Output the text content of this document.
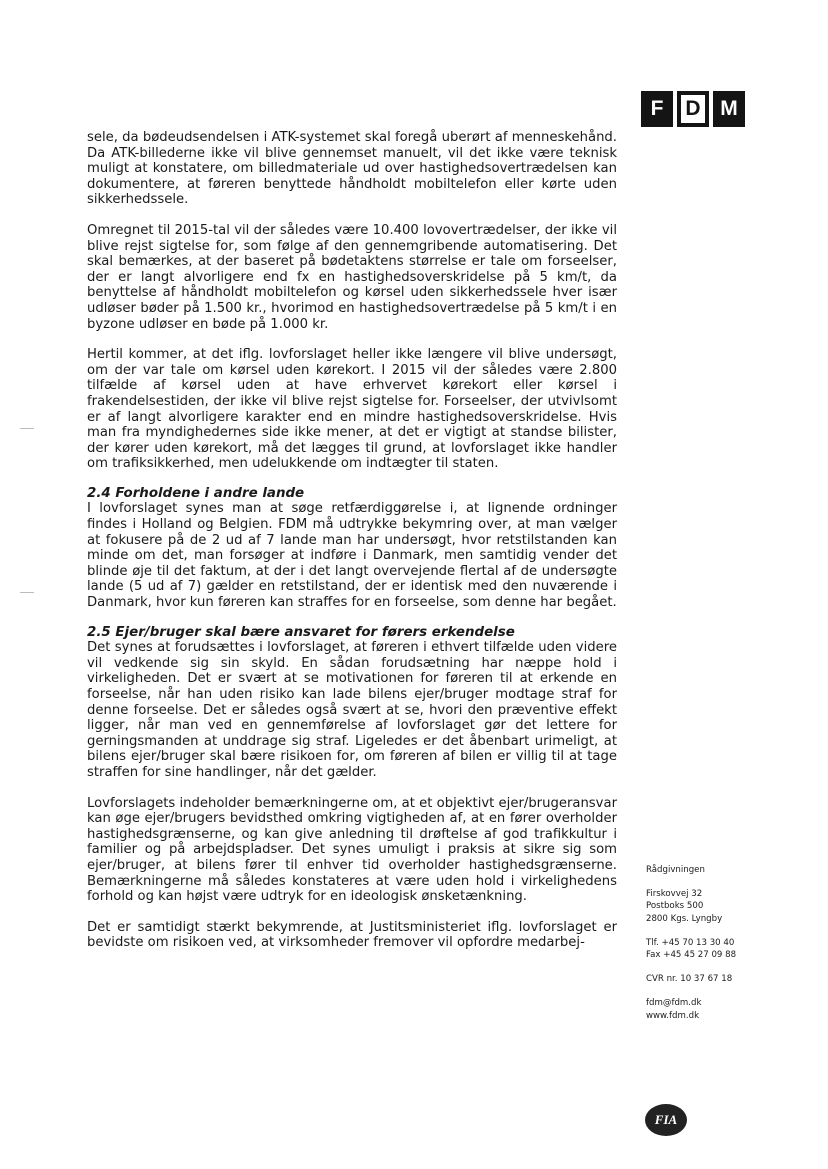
F	D M

sele, da bødeudsendelsen i ATK-systemet skal foregå uberørt af menneskehånd. Da ATK-billederne ikke vil blive gennemset manuelt, vil det ikke være teknisk muligt at konstatere, om billedmateriale ud over hastighedsovertrædelsen kan dokumentere, at føreren benyttede håndholdt mobiltelefon eller kørte uden sikkerhedssele.

Omregnet til 2015-tal vil der således være 10.400 lovovertrædelser, der ikke vil blive rejst sigtelse for, som følge af den gennemgribende automatisering. Det skal bemærkes, at der baseret på bødetaktens størrelse er tale om forseelser, der er langt alvorligere end fx en hastighedsoverskridelse på 5 km/t, da benyttelse af håndholdt mobiltelefon og kørsel uden sikkerhedssele hver især udløser bøder på 1.500 kr., hvorimod en hastighedsovertrædelse på 5 km/t i en byzone udløser en bøde på 1.000 kr.

Hertil kommer, at det iflg. lovforslaget heller ikke længere vil blive undersøgt, om der var tale om kørsel uden kørekort. I 2015 vil der således være 2.800 tilfælde af kørsel uden at have erhvervet kørekort eller kørsel i frakendelsestiden, der ikke vil blive rejst sigtelse for. Forseelser, der utvivlsomt er af langt alvorligere karakter end en mindre hastighedsoverskridelse. Hvis man fra myndighedernes side ikke mener, at det er vigtigt at standse bilister, der kører uden kørekort, må det lægges til grund, at lovforslaget ikke handler om trafiksikkerhed, men udelukkende om indtægter til staten.

2.4 Forholdene i andre lande

I lovforslaget synes man at søge retfærdiggørelse i, at lignende ordninger findes i Holland og Belgien. FDM må udtrykke bekymring over, at man vælger at fokusere på de 2 ud af 7 lande man har undersøgt, hvor retstilstanden kan minde om det, man forsøger at indføre i Danmark, men samtidig vender det blinde øje til det faktum, at der i det langt overvejende flertal af de undersøgte lande (5 ud af 7) gælder en retstilstand, der er identisk med den nuværende i Danmark, hvor kun føreren kan straffes for en forseelse, som denne har begået.

2.5 Ejer/bruger skal bære ansvaret for førers erkendelse

Det synes at forudsættes i lovforslaget, at føreren i ethvert tilfælde uden videre vil vedkende sig sin skyld. En sådan forudsætning har næppe hold i virkeligheden. Det er svært at se motivationen for føreren til at erkende en forseelse, når han uden risiko kan lade bilens ejer/bruger modtage straf for denne forseelse. Det er således også svært at se, hvori den præventive effekt ligger, når man ved en gennemførelse af lovforslaget gør det lettere for gerningsmanden at unddrage sig straf. Ligeledes er det åbenbart urimeligt, at bilens ejer/bruger skal bære risikoen for, om føreren af bilen er villig til at tage straffen for sine handlinger, når det gælder.

Lovforslagets indeholder bemærkningerne om, at et objektivt ejer/brugeransvar kan øge ejer/brugers bevidsthed omkring vigtigheden af, at en fører overholder hastighedsgrænserne, og kan give anledning til drøftelse af god trafikkultur i familier og på arbejdspladser. Det synes umuligt i praksis at sikre sig som ejer/bruger, at bilens fører til enhver tid overholder hastighedsgrænserne. Bemærkningerne må således konstateres at være uden hold i virkelighedens forhold og kan højst være udtryk for en ideologisk ønsketænkning.

Det er samtidigt stærkt bekymrende, at Justitsministeriet iflg. lovforslaget er bevidste om risikoen ved, at virksomheder fremover vil opfordre medarbej-

Rådgivningen
Firskovvej 32
Postboks 500
2800 Kgs. Lyngby
Tlf. +45 70 13 30 40
Fax +45 45 27 09 88
CVR nr. 10 37 67 18
fdm@fdm.dk
www.fdm.dk
FIA
